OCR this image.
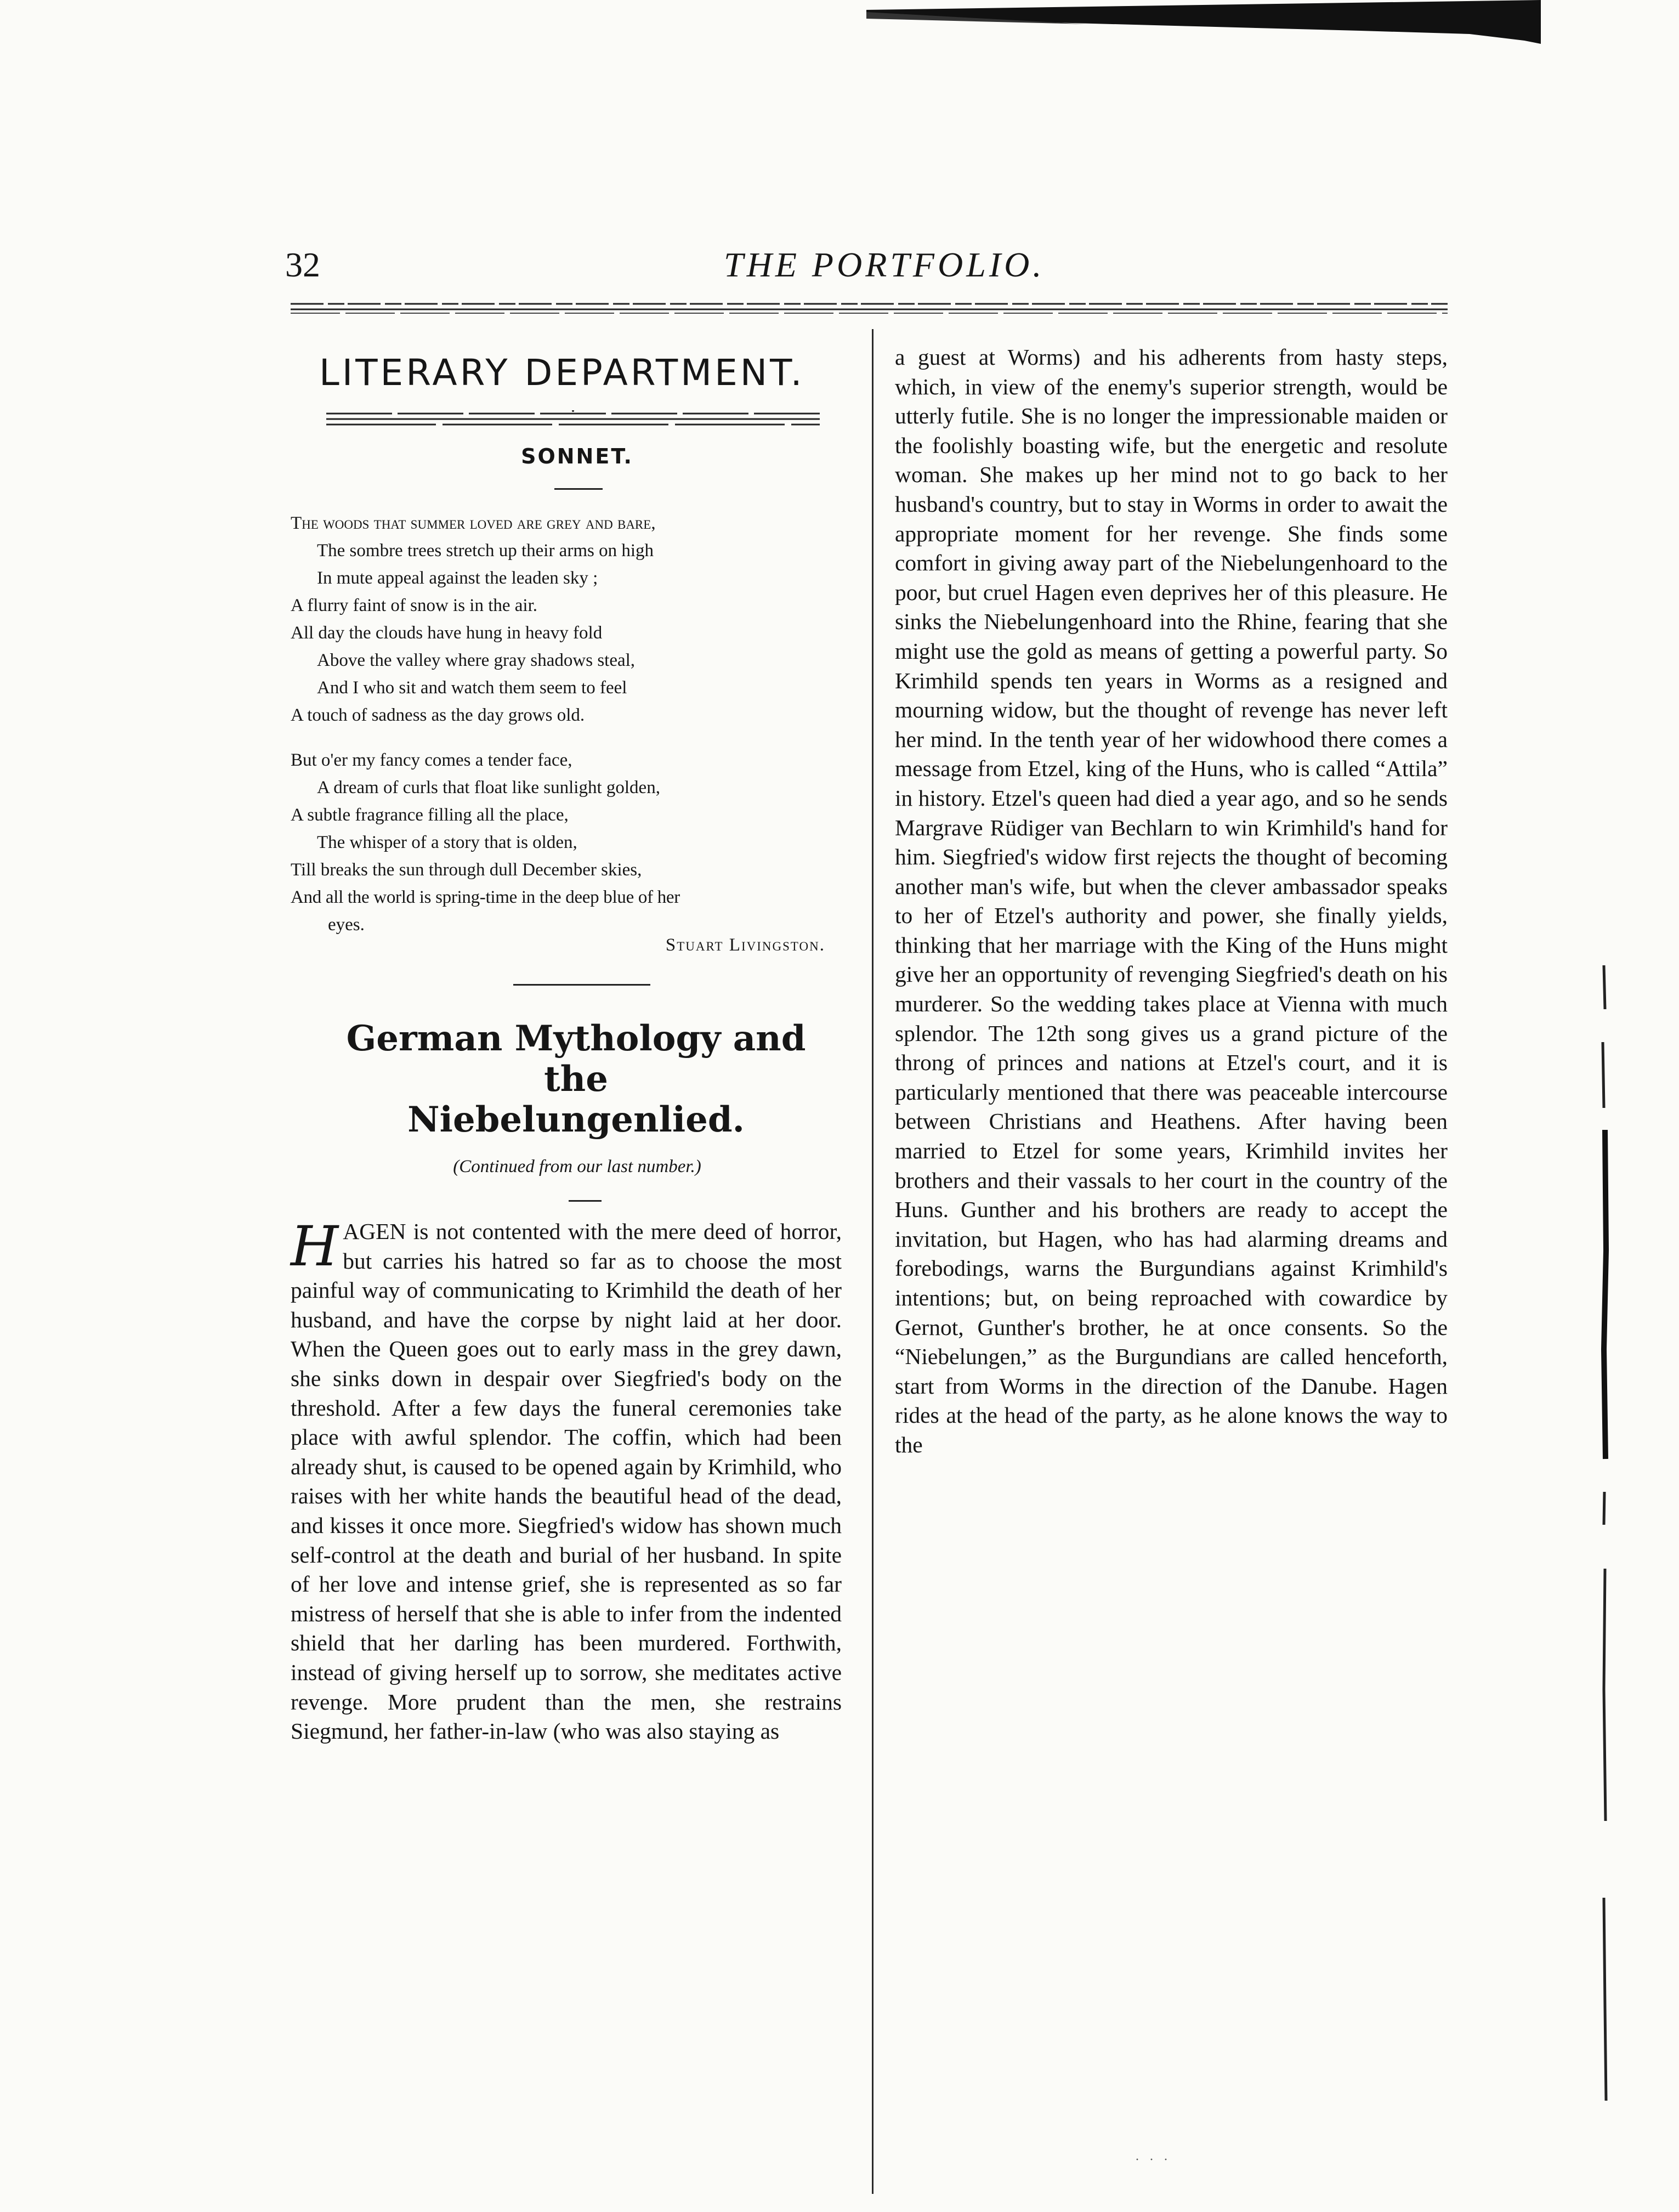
32	THE PORTFOLIO.
LITERARY DEPARTMENT.
SONNET.
The woods that summer loved are grey and bare,
The sombre trees stretch up their arms on high
In mute appeal against the leaden sky ;
A flurry faint of snow is in the air.
All day the clouds have hung in heavy fold
Above the valley where gray shadows steal,
And I who sit and watch them seem to feel
A touch of sadness as the day grows old.
But o'er my fancy comes a tender face,
A dream of curls that float like sunlight golden,
A subtle fragrance filling all the place,
The whisper of a story that is olden,
Till breaks the sun through dull December skies,
And all the world is spring-time in the deep blue of her
eyes.
Stuart Livingston.
German Mythology and the
Niebelungenlied.
(Continued from our last number.)
H AGEN is not contented with the mere deed of horror, but carries his hatred so far as to choose the most painful way of communicating to Krimhild the death of her husband, and have the corpse by night laid at her door. When the Queen goes out to early mass in the grey dawn, she sinks down in despair over Siegfried's body on the threshold. After a few days the funeral ceremonies take place with awful splendor. The coffin, which had been already shut, is caused to be opened again by Krimhild, who raises with her white hands the beautiful head of the dead, and kisses it once more. Siegfried's widow has shown much self-control at the death and burial of her husband. In spite of her love and intense grief, she is represented as so far mistress of herself that she is able to infer from the indented shield that her darling has been murdered. Forthwith, instead of giving herself up to sorrow, she meditates active revenge. More prudent than the men, she restrains Siegmund, her father-in-law (who was also staying as
a guest at Worms) and his adherents from hasty steps, which, in view of the enemy's superior strength, would be utterly futile. She is no longer the impressionable maiden or the foolishly boasting wife, but the energetic and resolute woman. She makes up her mind not to go back to her husband's country, but to stay in Worms in order to await the appropriate moment for her revenge. She finds some comfort in giving away part of the Niebelungenhoard to the poor, but cruel Hagen even deprives her of this pleasure. He sinks the Niebelungenhoard into the Rhine, fearing that she might use the gold as means of getting a powerful party. So Krimhild spends ten years in Worms as a resigned and mourning widow, but the thought of revenge has never left her mind. In the tenth year of her widowhood there comes a message from Etzel, king of the Huns, who is called “Attila” in history. Etzel's queen had died a year ago, and so he sends Margrave Rüdiger van Bechlarn to win Krimhild's hand for him. Siegfried's widow first rejects the thought of becoming another man's wife, but when the clever ambassador speaks to her of Etzel's authority and power, she finally yields, thinking that her marriage with the King of the Huns might give her an opportunity of revenging Siegfried's death on his murderer. So the wedding takes place at Vienna with much splendor. The 12th song gives us a grand picture of the throng of princes and nations at Etzel's court, and it is particularly mentioned that there was peaceable intercourse between Christians and Heathens. After having been married to Etzel for some years, Krimhild invites her brothers and their vassals to her court in the country of the Huns. Gunther and his brothers are ready to accept the invitation, but Hagen, who has had alarming dreams and forebodings, warns the Burgundians against Krimhild's intentions; but, on being reproached with cowardice by Gernot, Gunther's brother, he at once consents. So the “Niebelungen,” as the Burgundians are called henceforth, start from Worms in the direction of the Danube. Hagen rides at the head of the party, as he alone knows the way to the
· · ·
